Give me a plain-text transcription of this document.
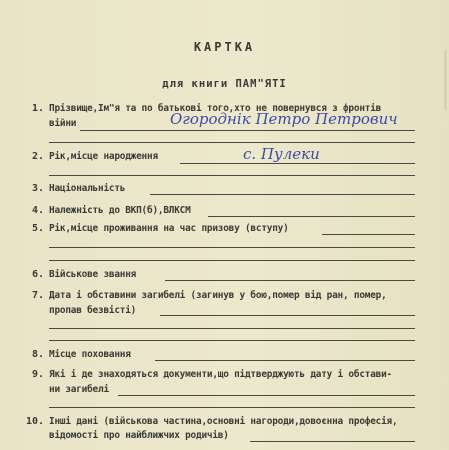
КАРТКА
для книги ПАМ"ЯТІ
1. Прізвище,Ім"я та по батькові того,хто не повернувся з фронтів
війни	Огороднік Петро Петрович
2. Рік,місце народження	с. Пулеки
3. Національність
4. Належність до ВКП(б),ВЛКСМ
5. Рік,місце проживання на час призову (вступу)
6. Військове звання
7. Дата і обставини загибелі (загинув у бою,помер від ран, помер,
пропав безвісті)
8. Місце поховання
9. Які і де знаходяться документи,що підтверджують дату і обстави-
ни загибелі
10. Інші дані (військова частина,основні нагороди,довоєнна професія,
відомості про найближчих родичів)
